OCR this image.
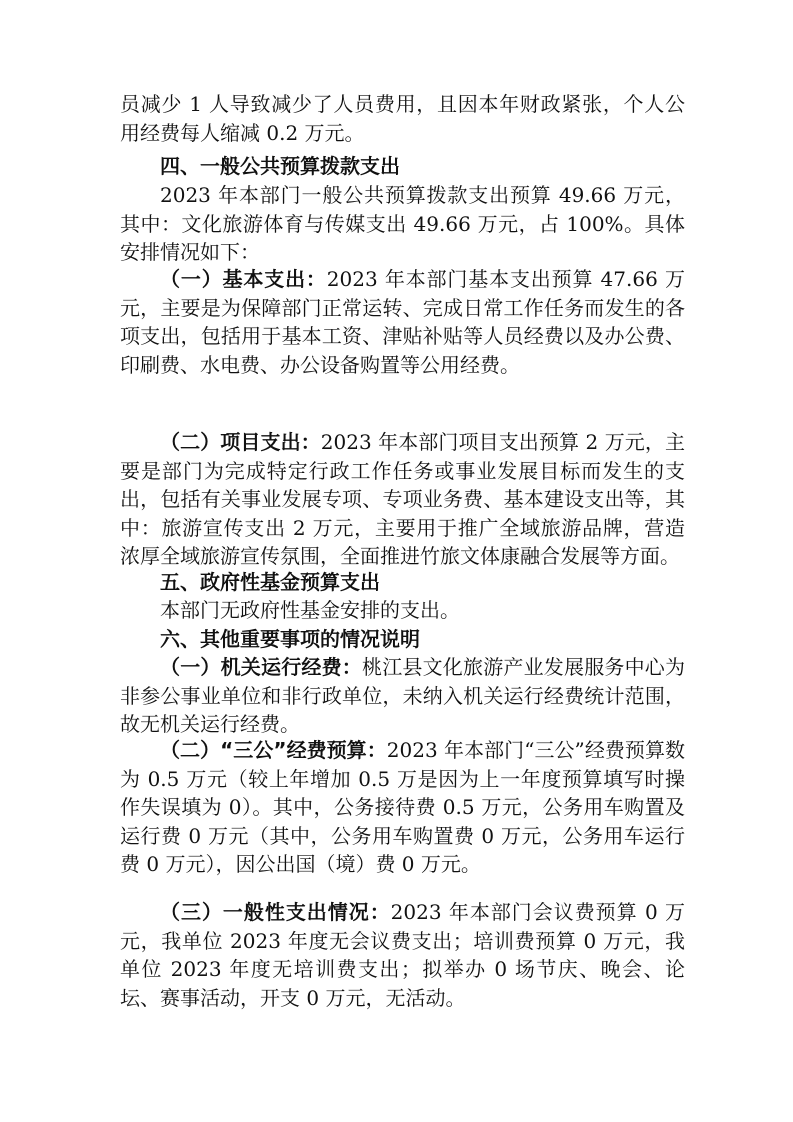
员减少 1 人导致减少了人员费用，且因本年财政紧张，个人公用经费每人缩减 0.2 万元。

四、一般公共预算拨款支出

2023 年本部门一般公共预算拨款支出预算 49.66 万元，其中：文化旅游体育与传媒支出 49.66 万元，占 100%。具体安排情况如下：

（一）基本支出：2023 年本部门基本支出预算 47.66 万元，主要是为保障部门正常运转、完成日常工作任务而发生的各项支出，包括用于基本工资、津贴补贴等人员经费以及办公费、印刷费、水电费、办公设备购置等公用经费。

（二）项目支出：2023 年本部门项目支出预算 2 万元，主要是部门为完成特定行政工作任务或事业发展目标而发生的支出，包括有关事业发展专项、专项业务费、基本建设支出等，其中：旅游宣传支出 2 万元，主要用于推广全域旅游品牌，营造浓厚全域旅游宣传氛围，全面推进竹旅文体康融合发展等方面。

五、政府性基金预算支出

本部门无政府性基金安排的支出。

六、其他重要事项的情况说明

（一）机关运行经费：桃江县文化旅游产业发展服务中心为非参公事业单位和非行政单位，未纳入机关运行经费统计范围，故无机关运行经费。

（二）“三公”经费预算：2023 年本部门“三公”经费预算数为 0.5 万元（较上年增加 0.5 万是因为上一年度预算填写时操作失误填为 0）。其中，公务接待费 0.5 万元，公务用车购置及运行费 0 万元（其中，公务用车购置费 0 万元，公务用车运行费 0 万元），因公出国（境）费 0 万元。

（三）一般性支出情况：2023 年本部门会议费预算 0 万元，我单位 2023 年度无会议费支出；培训费预算 0 万元，我单位 2023 年度无培训费支出；拟举办 0 场节庆、晚会、论坛、赛事活动，开支 0 万元，无活动。
